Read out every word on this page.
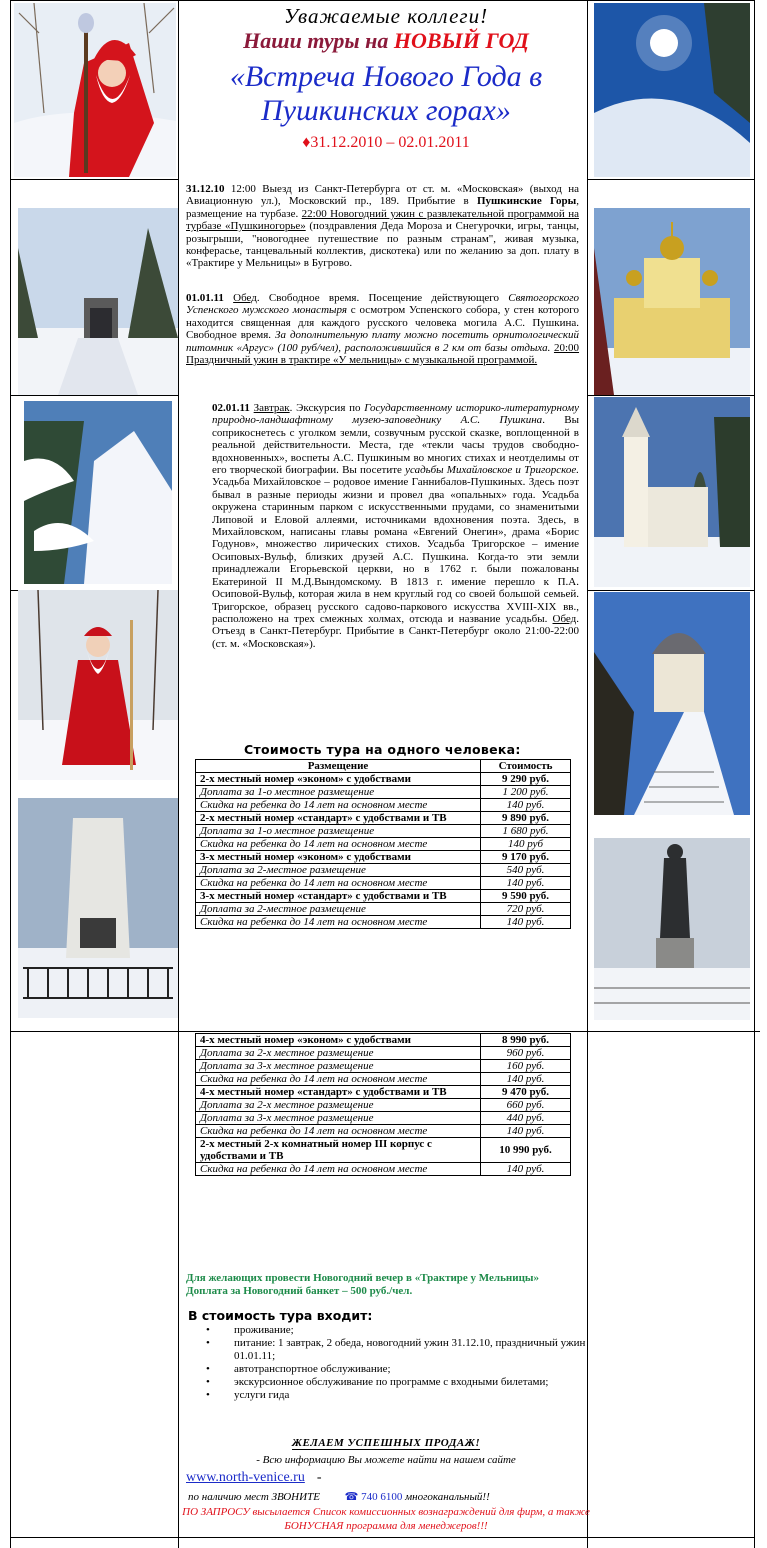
Уважаемые коллеги!
Наши туры на НОВЫЙ ГОД
«Встреча Нового Года в
Пушкинских горах»
♦31.12.2010 – 02.01.2011
31.12.10 12:00 Выезд из Санкт-Петербурга от ст. м. «Московская» (выход на Авиационную ул.), Московский пр., 189. Прибытие в Пушкинские Горы, размещение на турбазе. 22:00 Новогодний ужин с развлекательной программой на турбазе «Пушкиногорье» (поздравления Деда Мороза и Снегурочки, игры, танцы, розыгрыши, "новогоднее путешествие по разным странам", живая музыка, конферасье, танцевальный коллектив, дискотека) или по желанию за доп. плату в «Трактире у Мельницы» в Бугрово.
01.01.11 Обед. Свободное время. Посещение действующего Святогорского Успенского мужского монастыря с осмотром Успенского собора, у стен которого находится священная для каждого русского человека могила А.С. Пушкина. Свободное время. За дополнительную плату можно посетить орнитологический питомник «Аргус» (100 руб/чел), расположившийся в 2 км от базы отдыха. 20:00 Праздничный ужин в трактире «У мельницы» с музыкальной программой.
02.01.11 Завтрак. Экскурсия по Государственному историко-литературному природно-ландшафтному музею-заповеднику А.С. Пушкина. Вы соприкоснетесь с уголком земли, созвучным русской сказке, воплощенной в реальной действительности. Места, где «текли часы трудов свободно-вдохновенных», воспеты А.С. Пушкиным во многих стихах и неотделимы от его творческой биографии. Вы посетите усадьбы Михайловское и Тригорское. Усадьба Михайловское – родовое имение Ганнибалов-Пушкиных. Здесь поэт бывал в разные периоды жизни и провел два «опальных» года. Усадьба окружена старинным парком с искусственными прудами, со знаменитыми Липовой и Еловой аллеями, источниками вдохновения поэта. Здесь, в Михайловском, написаны главы романа «Евгений Онегин», драма «Борис Годунов», множество лирических стихов. Усадьба Тригорское – имение Осиповых-Вульф, близких друзей А.С. Пушкина. Когда-то эти земли принадлежали Егорьевской церкви, но в 1762 г. были пожалованы Екатериной II М.Д.Вындомскому. В 1813 г. имение перешло к П.А. Осиповой-Вульф, которая жила в нем круглый год со своей большой семьей. Тригорское, образец русского садово-паркового искусства XVIII-XIX вв., расположено на трех смежных холмах, отсюда и название усадьбы. Обед. Отъезд в Санкт-Петербург. Прибытие в Санкт-Петербург около 21:00-22:00 (ст. м. «Московская»).
Стоимость тура на одного человека:
Размещение	Стоимость
2-х местный номер «эконом» с удобствами	9 290 руб.
Доплата за 1-о местное размещение	1 200 руб.
Скидка на ребенка до 14 лет на основном месте	140 руб.
2-х местный номер «стандарт» с удобствами и ТВ	9 890 руб.
Доплата за 1-о местное размещение	1 680 руб.
Скидка на ребенка до 14 лет на основном месте	140 руб
3-х местный номер «эконом» с удобствами	9 170 руб.
Доплата за 2-местное размещение	540 руб.
Скидка на ребенка до 14 лет на основном месте	140 руб.
3-х местный номер «стандарт» с удобствами и ТВ	9 590 руб.
Доплата за 2-местное размещение	720 руб.
Скидка на ребенка до 14 лет на основном месте	140 руб.
4-х местный номер «эконом» с удобствами	8 990 руб.
Доплата за 2-х местное размещение	960 руб.
Доплата за 3-х местное размещение	160 руб.
Скидка на ребенка до 14 лет на основном месте	140 руб.
4-х местный номер «стандарт» с удобствами и ТВ	9 470 руб.
Доплата за 2-х местное размещение	660 руб.
Доплата за 3-х местное размещение	440 руб.
Скидка на ребенка до 14 лет на основном месте	140 руб.
2-х местный 2-х комнатный номер III корпус с удобствами и ТВ	10 990 руб.
Скидка на ребенка до 14 лет на основном месте	140 руб.
Для желающих провести Новогодний вечер в «Трактире у Мельницы»
Доплата за Новогодний банкет – 500 руб./чел.
В стоимость тура входит:
• проживание;
• питание: 1 завтрак, 2 обеда, новогодний ужин 31.12.10, праздничный ужин 01.01.11;
• автотранспортное обслуживание;
• экскурсионное обслуживание по программе с входными билетами;
• услуги гида
ЖЕЛАЕМ УСПЕШНЫХ ПРОДАЖ!
- Всю информацию Вы можете найти на нашем сайте
www.north-venice.ru -
по наличию мест ЗВОНИТЕ ☎ 740 6100 многоканальный!!
ПО ЗАПРОСУ высылается Список комиссионных вознаграждений для фирм, а также БОНУСНАЯ программа для менеджеров!!!
